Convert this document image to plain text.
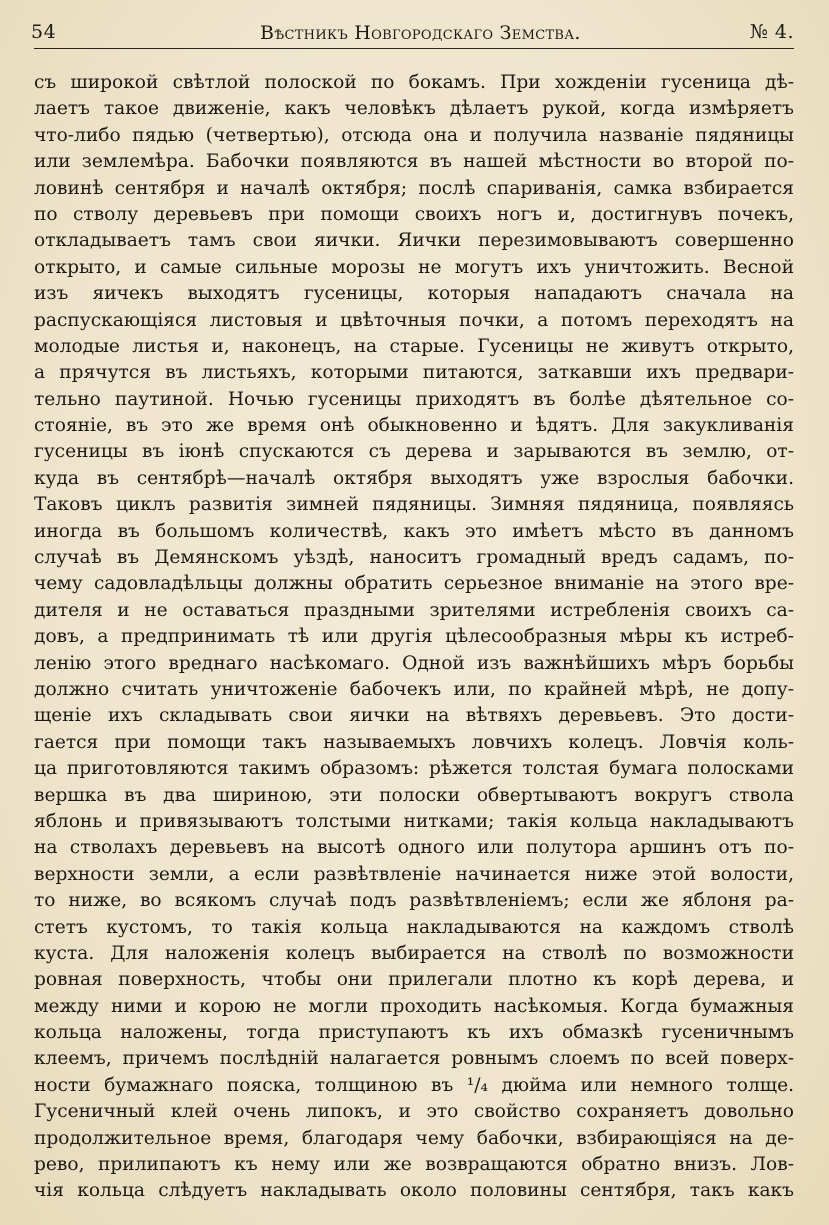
54	Вѣстникъ Новгородскаго Земства.	№ 4.
съ широкой свѣтлой полоской по бокамъ. При хожденіи гусеница дѣ-
лаетъ такое движеніе, какъ человѣкъ дѣлаетъ рукой, когда измѣряетъ
что-либо пядью (четвертью), отсюда она и получила названіе пядяницы
или землемѣра. Бабочки появляются въ нашей мѣстности во второй по-
ловинѣ сентября и началѣ октября; послѣ спариванія, самка взбирается
по стволу деревьевъ при помощи своихъ ногъ и, достигнувъ почекъ,
откладываетъ тамъ свои яички. Яички перезимовываютъ совершенно
открыто, и самые сильные морозы не могутъ ихъ уничтожить. Весной
изъ яичекъ выходятъ гусеницы, которыя нападаютъ сначала на
распускающіяся листовыя и цвѣточныя почки, а потомъ переходятъ на
молодые листья и, наконецъ, на старые. Гусеницы не живутъ открыто,
а прячутся въ листьяхъ, которыми питаются, заткавши ихъ предвари-
тельно паутиной. Ночью гусеницы приходятъ въ болѣе дѣятельное со-
стояніе, въ это же время онѣ обыкновенно и ѣдятъ. Для закукливанія
гусеницы въ іюнѣ спускаются съ дерева и зарываются въ землю, от-
куда въ сентябрѣ—началѣ октября выходятъ уже взрослыя бабочки.
Таковъ циклъ развитія зимней пядяницы. Зимняя пядяница, появляясь
иногда въ большомъ количествѣ, какъ это имѣетъ мѣсто въ данномъ
случаѣ въ Демянскомъ уѣздѣ, наноситъ громадный вредъ садамъ, по-
чему садовладѣльцы должны обратить серьезное вниманіе на этого вре-
дителя и не оставаться праздными зрителями истребленія своихъ са-
довъ, а предпринимать тѣ или другія цѣлесообразныя мѣры къ истреб-
ленію этого вреднаго насѣкомаго. Одной изъ важнѣйшихъ мѣръ борьбы
должно считать уничтоженіе бабочекъ или, по крайней мѣрѣ, не допу-
щеніе ихъ складывать свои яички на вѣтвяхъ деревьевъ. Это дости-
гается при помощи такъ называемыхъ ловчихъ колецъ. Ловчія коль-
ца приготовляются такимъ образомъ: рѣжется толстая бумага полосками
вершка въ два шириною, эти полоски обвертываютъ вокругъ ствола
яблонь и привязываютъ толстыми нитками; такія кольца накладываютъ
на стволахъ деревьевъ на высотѣ одного или полутора аршинъ отъ по-
верхности земли, а если развѣтвленіе начинается ниже этой волости,
то ниже, во всякомъ случаѣ подъ развѣтвленіемъ; если же яблоня ра-
стетъ кустомъ, то такія кольца накладываются на каждомъ стволѣ
куста. Для наложенія колецъ выбирается на стволѣ по возможности
ровная поверхность, чтобы они прилегали плотно къ корѣ дерева, и
между ними и корою не могли проходить насѣкомыя. Когда бумажныя
кольца наложены, тогда приступаютъ къ ихъ обмазкѣ гусеничнымъ
клеемъ, причемъ послѣдній налагается ровнымъ слоемъ по всей поверх-
ности бумажнаго пояска, толщиною въ ¹/₄ дюйма или немного толще.
Гусеничный клей очень липокъ, и это свойство сохраняетъ довольно
продолжительное время, благодаря чему бабочки, взбирающіяся на де-
рево, прилипаютъ къ нему или же возвращаются обратно внизъ. Лов-
чія кольца слѣдуетъ накладывать около половины сентября, такъ какъ
